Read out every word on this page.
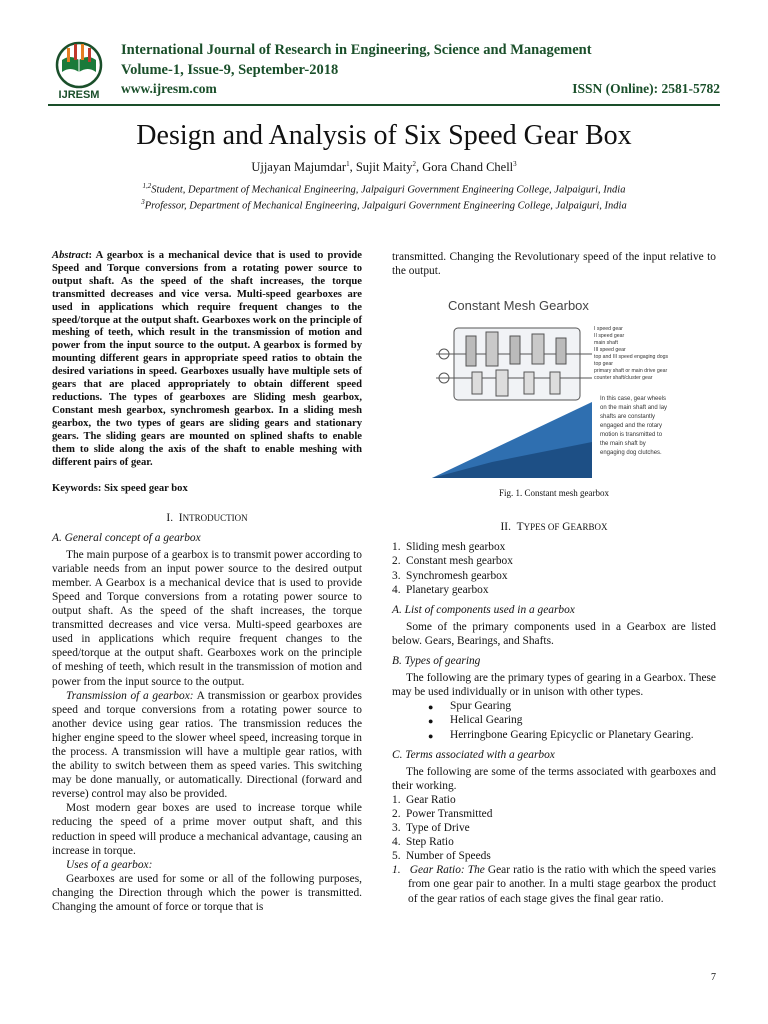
IJRESM
International Journal of Research in Engineering, Science and Management
Volume-1, Issue-9, September-2018
www.ijresm.com	ISSN (Online): 2581-5782
Design and Analysis of Six Speed Gear Box
Ujjayan Majumdar$^1$, Sujit Maity$^2$, Gora Chand Chell$^3$
$^{1,2}$Student, Department of Mechanical Engineering, Jalpaiguri Government Engineering College, Jalpaiguri, India
$^3$Professor, Department of Mechanical Engineering, Jalpaiguri Government Engineering College, Jalpaiguri, India

Abstract: A gearbox is a mechanical device that is used to provide Speed and Torque conversions from a rotating power source to output shaft. As the speed of the shaft increases, the torque transmitted decreases and vice versa. Multi-speed gearboxes are used in applications which require frequent changes to the speed/torque at the output shaft. Gearboxes work on the principle of meshing of teeth, which result in the transmission of motion and power from the input source to the output. A gearbox is formed by mounting different gears in appropriate speed ratios to obtain the desired variations in speed. Gearboxes usually have multiple sets of gears that are placed appropriately to obtain different speed reductions. The types of gearboxes are Sliding mesh gearbox, Constant mesh gearbox, synchromesh gearbox. In a sliding mesh gearbox, the two types of gears are sliding gears and stationary gears. The sliding gears are mounted on splined shafts to enable them to slide along the axis of the shaft to enable meshing with different pairs of gear.

Keywords: Six speed gear box

I. INTRODUCTION

A. General concept of a gearbox

The main purpose of a gearbox is to transmit power according to variable needs from an input power source to the desired output member. A Gearbox is a mechanical device that is used to provide Speed and Torque conversions from a rotating power source to output shaft. As the speed of the shaft increases, the torque transmitted decreases and vice versa. Multi-speed gearboxes are used in applications which require frequent changes to the speed/torque at the output shaft. Gearboxes work on the principle of meshing of teeth, which result in the transmission of motion and power from the input source to the output.

Transmission of a gearbox: A transmission or gearbox provides speed and torque conversions from a rotating power source to another device using gear ratios. The transmission reduces the higher engine speed to the slower wheel speed, increasing torque in the process. A transmission will have a multiple gear ratios, with the ability to switch between them as speed varies. This switching may be done manually, or automatically. Directional (forward and reverse) control may also be provided.

Most modern gear boxes are used to increase torque while reducing the speed of a prime mover output shaft, and this reduction in speed will produce a mechanical advantage, causing an increase in torque.

Uses of a gearbox:

Gearboxes are used for some or all of the following purposes, changing the Direction through which the power is transmitted. Changing the amount of force or torque that is

transmitted. Changing the Revolutionary speed of the input relative to the output.

Constant Mesh Gearbox
I speed gear
II speed gear
main shaft
III speed gear
top and III speed engaging dogs
top gear
primary shaft or main drive gear
counter shaft/cluster gear
In this case, gear wheels
on the main shaft and lay
shafts are constantly
engaged and the rotary
motion is transmitted to
the main shaft by
engaging dog clutches.

Fig. 1. Constant mesh gearbox

II. TYPES OF GEARBOX
1. Sliding mesh gearbox
2. Constant mesh gearbox
3. Synchromesh gearbox
4. Planetary gearbox

A. List of components used in a gearbox

Some of the primary components used in a Gearbox are listed below. Gears, Bearings, and Shafts.

B. Types of gearing

The following are the primary types of gearing in a Gearbox. These may be used individually or in unison with other types.

● Spur Gearing
● Helical Gearing
● Herringbone Gearing Epicyclic or Planetary Gearing.

C. Terms associated with a gearbox

The following are some of the terms associated with gearboxes and their working.

1. Gear Ratio
2. Power Transmitted
3. Type of Drive
4. Step Ratio
5. Number of Speeds

1. Gear Ratio: The Gear ratio is the ratio with which the speed varies from one gear pair to another. In a multi stage gearbox the product of the gear ratios of each stage gives the final gear ratio.

7
